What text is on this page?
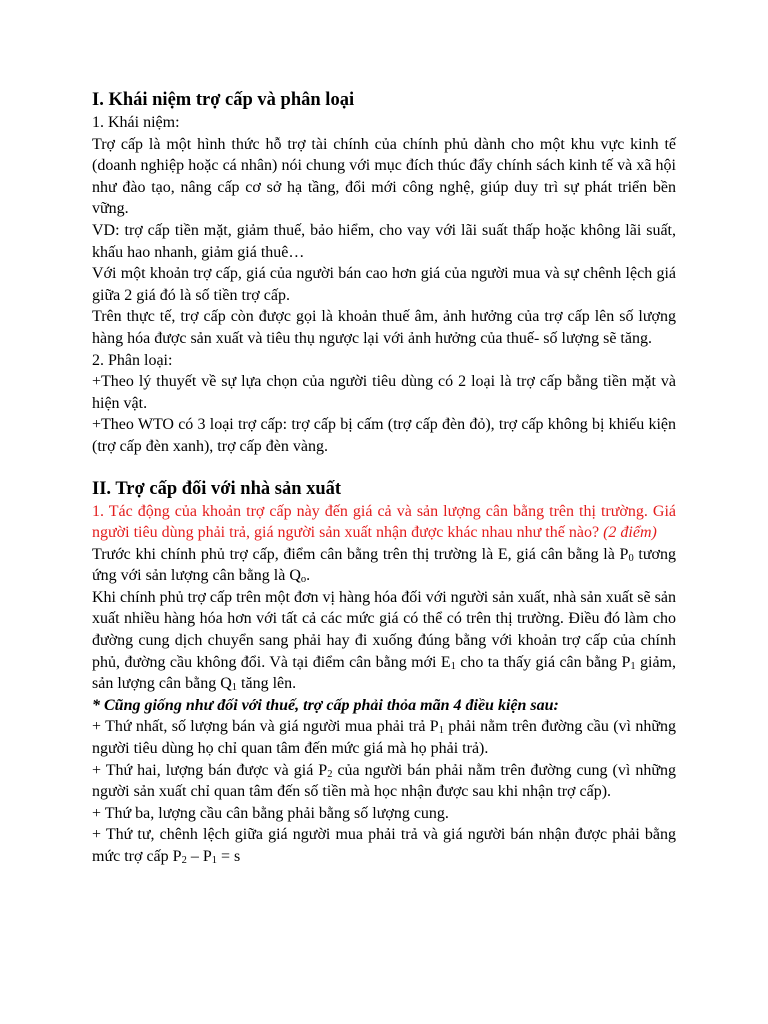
I. Khái niệm trợ cấp và phân loại

1. Khái niệm:

Trợ cấp là một hình thức hỗ trợ tài chính của chính phủ dành cho một khu vực kinh tế (doanh nghiệp hoặc cá nhân) nói chung với mục đích thúc đẩy chính sách kinh tế và xã hội như đào tạo, nâng cấp cơ sở hạ tầng, đổi mới công nghệ, giúp duy trì sự phát triển bền vững.

VD: trợ cấp tiền mặt, giảm thuế, bảo hiểm, cho vay với lãi suất thấp hoặc không lãi suất, khấu hao nhanh, giảm giá thuê…

Với một khoản trợ cấp, giá của người bán cao hơn giá của người mua và sự chênh lệch giá giữa 2 giá đó là số tiền trợ cấp.

Trên thực tế, trợ cấp còn được gọi là khoản thuế âm, ảnh hưởng của trợ cấp lên số lượng hàng hóa được sản xuất và tiêu thụ ngược lại với ảnh hưởng của thuế- số lượng sẽ tăng.

2. Phân loại:

+Theo lý thuyết về sự lựa chọn của người tiêu dùng có 2 loại là trợ cấp bằng tiền mặt và hiện vật.

+Theo WTO có 3 loại trợ cấp: trợ cấp bị cấm (trợ cấp đèn đỏ), trợ cấp không bị khiếu kiện (trợ cấp đèn xanh), trợ cấp đèn vàng.

II. Trợ cấp đối với nhà sản xuất

1. Tác động của khoản trợ cấp này đến giá cả và sản lượng cân bằng trên thị trường. Giá người tiêu dùng phải trả, giá người sản xuất nhận được khác nhau như thế nào? (2 điểm)

Trước khi chính phủ trợ cấp, điểm cân bằng trên thị trường là E, giá cân bằng là $P_0$ tương ứng với sản lượng cân bằng là $Q_o$.

Khi chính phủ trợ cấp trên một đơn vị hàng hóa đối với người sản xuất, nhà sản xuất sẽ sản xuất nhiều hàng hóa hơn với tất cả các mức giá có thể có trên thị trường. Điều đó làm cho đường cung dịch chuyển sang phải hay đi xuống đúng bằng với khoản trợ cấp của chính phủ, đường cầu không đổi. Và tại điểm cân bằng mới $E_1$ cho ta thấy giá cân bằng $P_1$ giảm, sản lượng cân bằng $Q_1$ tăng lên.

* Cũng giống như đối với thuế, trợ cấp phải thỏa mãn 4 điều kiện sau:

+ Thứ nhất, số lượng bán và giá người mua phải trả $P_1$ phải nằm trên đường cầu (vì những người tiêu dùng họ chỉ quan tâm đến mức giá mà họ phải trả).

+ Thứ hai, lượng bán được và giá $P_2$ của người bán phải nằm trên đường cung (vì những người sản xuất chỉ quan tâm đến số tiền mà học nhận được sau khi nhận trợ cấp).

+ Thứ ba, lượng cầu cân bằng phải bằng số lượng cung.

+ Thứ tư, chênh lệch giữa giá người mua phải trả và giá người bán nhận được phải bằng mức trợ cấp $P_2 - P_1 = s$
